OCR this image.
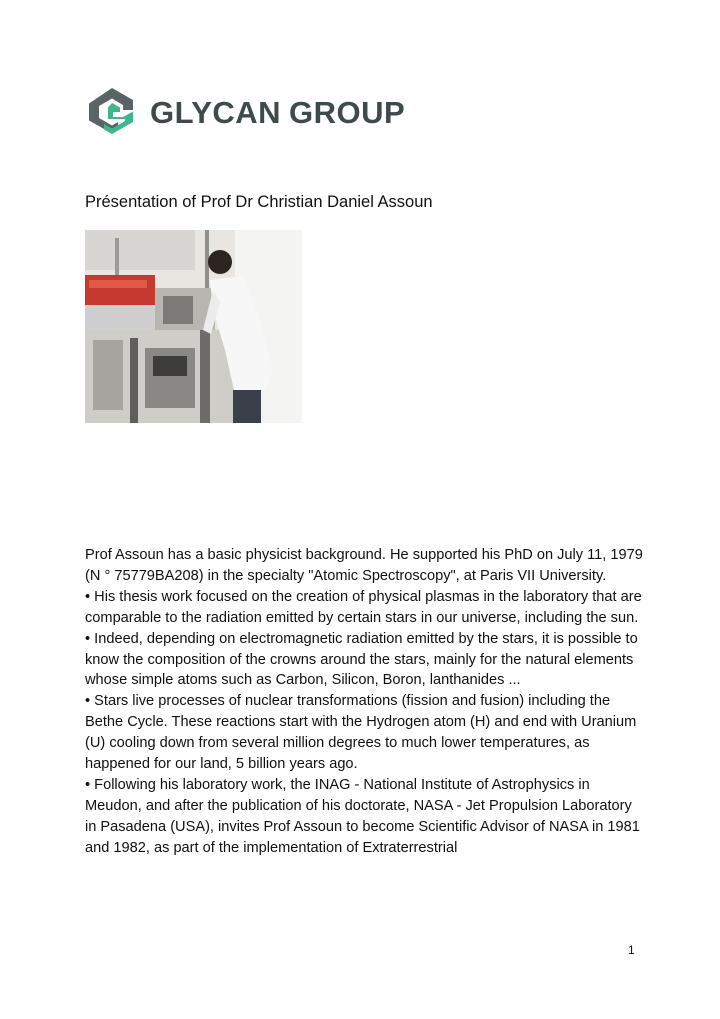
GLYCAN GROUP
Présentation of Prof Dr Christian Daniel Assoun

Prof Assoun has a basic physicist background. He supported his PhD on July 11, 1979 (N ° 75779BA208) in the specialty "Atomic Spectroscopy", at Paris VII University.

• His thesis work focused on the creation of physical plasmas in the laboratory that are comparable to the radiation emitted by certain stars in our universe, including the sun.

• Indeed, depending on electromagnetic radiation emitted by the stars, it is possible to know the composition of the crowns around the stars, mainly for the natural elements whose simple atoms such as Carbon, Silicon, Boron, lanthanides ...

• Stars live processes of nuclear transformations (fission and fusion) including the Bethe Cycle. These reactions start with the Hydrogen atom (H) and end with Uranium (U) cooling down from several million degrees to much lower temperatures, as happened for our land, 5 billion years ago.

• Following his laboratory work, the INAG - National Institute of Astrophysics in Meudon, and after the publication of his doctorate, NASA - Jet Propulsion Laboratory in Pasadena (USA), invites Prof Assoun to become Scientific Advisor of NASA in 1981 and 1982, as part of the implementation of Extraterrestrial

1
